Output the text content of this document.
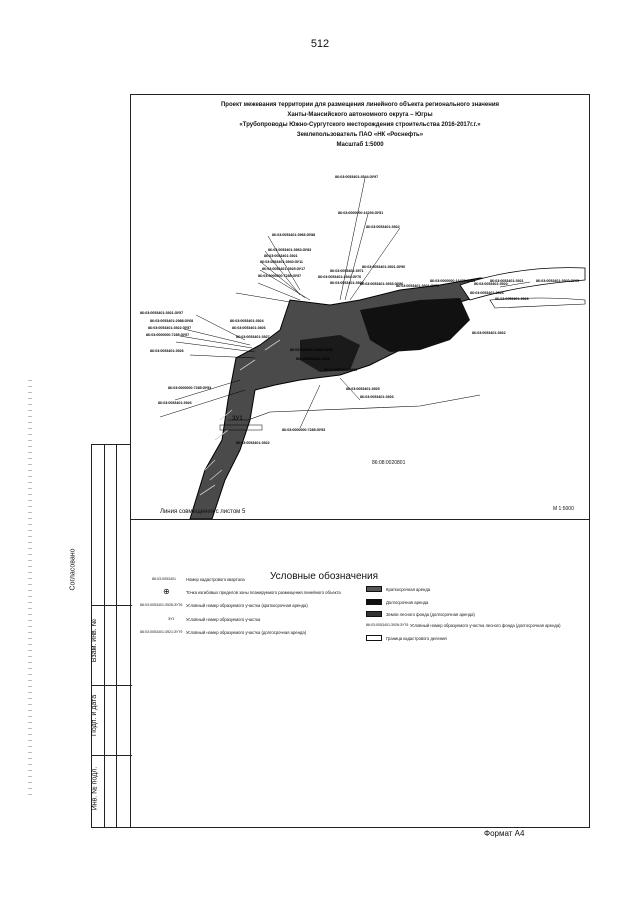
512
Проект межевания территории для размещения линейного объекта регионального значения
Ханты-Мансийского автономного округа – Югры
«Трубопроводы Южно-Сургутского месторождения строительства 2016-2017г.г.»
Землепользователь ПАО «НК «Роснефть»
Масштаб 1:5000
ЗУ1
86:03:0053401:3544:ЗУ97
86:03:0000000:16293:ЗУ51
86:03:0053401:3922
86:03:0053401:3966:ЗУ88
86:03:0053401:3963:ЗУ83
86:03:0053401:3921
86:03:0053401:3940:ЗУ11
86:03:0053401:3925:ЗУ17
86:03:0000000:7285:ЗУ57
86:03:0053401:3921:ЗУ90
86:03:0053401:3971
86:03:0053401:3944:ЗУ76
86:03:0053401:3922
86:03:0053401:3933:ЗУ96
86:03:0053401:3921:ЗУ79
86:03:0000000:16472:ЗУ61
86:03:0053401:3920
86:03:0053401:3921	86:03:0053401:3920:ЗУ69
86:03:0053401:3926
86:03:0053401:3926
86:03:0053401:3922
86:03:0053401:3921:ЗУ57
86:03:0053401:2988:ЗУ68
86:03:0053401:3922:ЗУ57
86:03:0000000:7285:ЗУ57
86:03:0053401:3926
86:03:0053401:3924
86:03:0053401:3926
86:03:0053401:3927
86:03:0053401:3924:ЗУ90
86:03:0053401:3923
86:03:0053401:3927
86:03:0053401:3925
86:03:0053401:3926
86:03:0000000:7285:ЗУ53
86:03:0053401:3926
86:03:0000000:7285:ЗУ53
86:03:0053401:3922
86:08:0020801
Линия совмещения с листом 5	М 1:5000
Условные обозначения
86:03:0053401 Номер кадастрового квартала
⊕	Точка изгибовых пределов зоны планируемого размещения линейного объекта
86:03:0053401:3926:ЗУ76 Условный номер образуемого участка (краткосрочная аренда)
ЗУ1	Условный номер образуемого участка
86:03:0053401:3921:ЗУ79 Условный номер образуемого участка (долгосрочная аренда)
Краткосрочная аренда
Долгосрочная аренда
Земли лесного фонда (долгосрочная аренда)
86:03:0053401:3926:ЗУ76 Условный номер образуемого участка лесного фонда (долгосрочная аренда)
Граница кадастрового деления
Согласовано
Взам. инв. №
Подп. и дата
Инв. № подл.
Формат А4
